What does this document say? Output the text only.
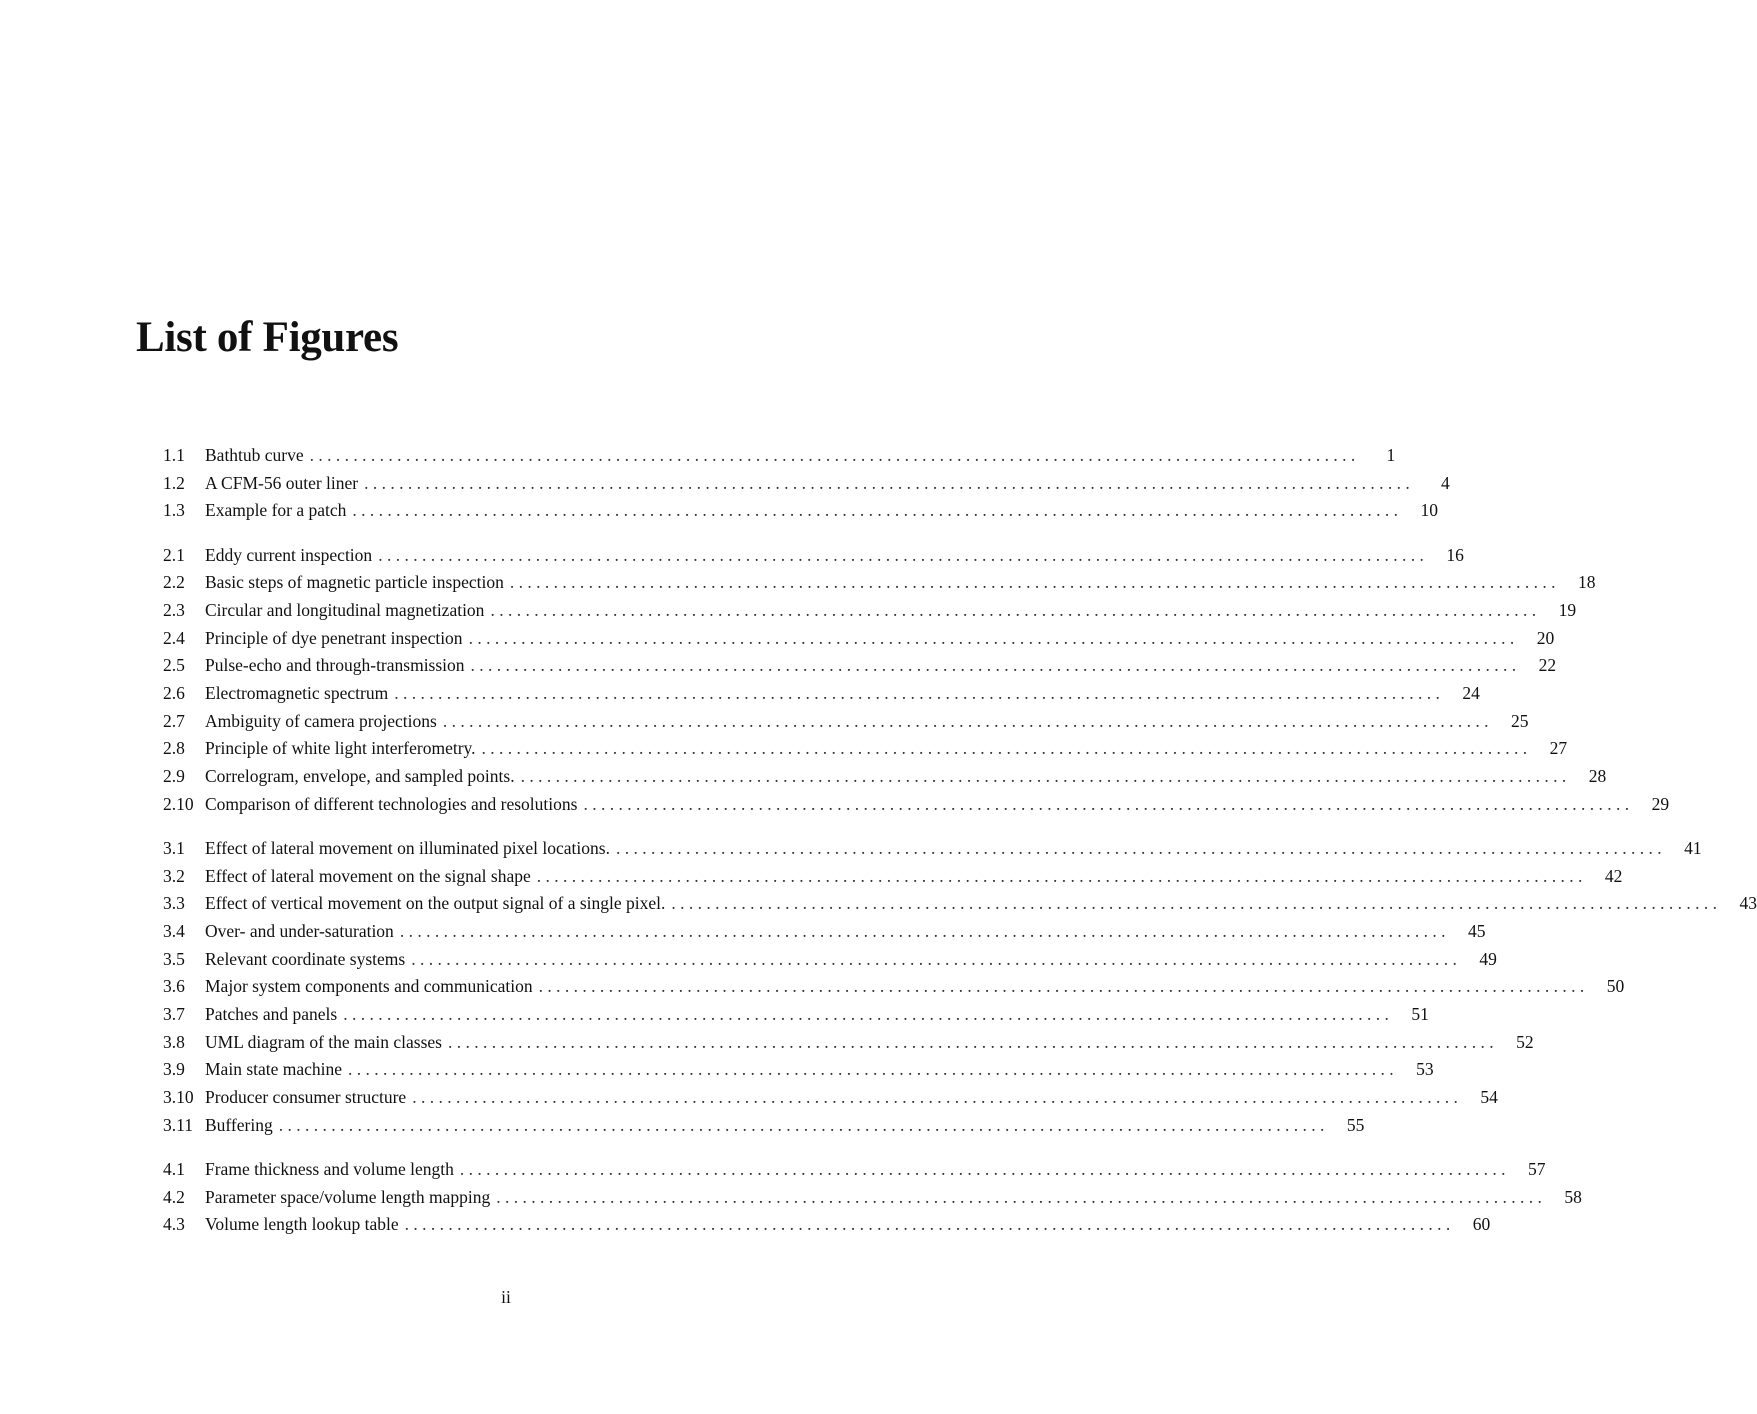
List of Figures
1.1	Bathtub curve . . . . . . . . . . . . . . . . . . . . . . . . . . . . . . . . . . . . . . . . . . . . . . . . . . . . . . . . . . . . . . . . . . . . . . . . . . . . . . . . . . . . . . . . . . . . . . . . . . . . . . . . . . . . . . . . . . . . . . . .	1
1.2	A CFM-56 outer liner . . . . . . . . . . . . . . . . . . . . . . . . . . . . . . . . . . . . . . . . . . . . . . . . . . . . . . . . . . . . . . . . . . . . . . . . . . . . . . . . . . . . . . . . . . . . . . . . . . . . . . . . . . . . . . . . . . . . . . . .	4
1.3	Example for a patch . . . . . . . . . . . . . . . . . . . . . . . . . . . . . . . . . . . . . . . . . . . . . . . . . . . . . . . . . . . . . . . . . . . . . . . . . . . . . . . . . . . . . . . . . . . . . . . . . . . . . . . . . . . . . . . . . . . . . . . . 10
2.1	Eddy current inspection . . . . . . . . . . . . . . . . . . . . . . . . . . . . . . . . . . . . . . . . . . . . . . . . . . . . . . . . . . . . . . . . . . . . . . . . . . . . . . . . . . . . . . . . . . . . . . . . . . . . . . . . . . . . . . . . . . . . . . . . 16
2.2	Basic steps of magnetic particle inspection . . . . . . . . . . . . . . . . . . . . . . . . . . . . . . . . . . . . . . . . . . . . . . . . . . . . . . . . . . . . . . . . . . . . . . . . . . . . . . . . . . . . . . . . . . . . . . . . . . . . . . . . . . . . . . . . . . . . . . . . 18
2.3	Circular and longitudinal magnetization . . . . . . . . . . . . . . . . . . . . . . . . . . . . . . . . . . . . . . . . . . . . . . . . . . . . . . . . . . . . . . . . . . . . . . . . . . . . . . . . . . . . . . . . . . . . . . . . . . . . . . . . . . . . . . . . . . . . . . . . 19
2.4	Principle of dye penetrant inspection . . . . . . . . . . . . . . . . . . . . . . . . . . . . . . . . . . . . . . . . . . . . . . . . . . . . . . . . . . . . . . . . . . . . . . . . . . . . . . . . . . . . . . . . . . . . . . . . . . . . . . . . . . . . . . . . . . . . . . . . 20
2.5	Pulse-echo and through-transmission . . . . . . . . . . . . . . . . . . . . . . . . . . . . . . . . . . . . . . . . . . . . . . . . . . . . . . . . . . . . . . . . . . . . . . . . . . . . . . . . . . . . . . . . . . . . . . . . . . . . . . . . . . . . . . . . . . . . . . . . 22
2.6	Electromagnetic spectrum . . . . . . . . . . . . . . . . . . . . . . . . . . . . . . . . . . . . . . . . . . . . . . . . . . . . . . . . . . . . . . . . . . . . . . . . . . . . . . . . . . . . . . . . . . . . . . . . . . . . . . . . . . . . . . . . . . . . . . . . 24
2.7	Ambiguity of camera projections . . . . . . . . . . . . . . . . . . . . . . . . . . . . . . . . . . . . . . . . . . . . . . . . . . . . . . . . . . . . . . . . . . . . . . . . . . . . . . . . . . . . . . . . . . . . . . . . . . . . . . . . . . . . . . . . . . . . . . . . 25
2.8	Principle of white light interferometry. . . . . . . . . . . . . . . . . . . . . . . . . . . . . . . . . . . . . . . . . . . . . . . . . . . . . . . . . . . . . . . . . . . . . . . . . . . . . . . . . . . . . . . . . . . . . . . . . . . . . . . . . . . . . . . . . . . . . . . . . 27
2.9	Correlogram, envelope, and sampled points. . . . . . . . . . . . . . . . . . . . . . . . . . . . . . . . . . . . . . . . . . . . . . . . . . . . . . . . . . . . . . . . . . . . . . . . . . . . . . . . . . . . . . . . . . . . . . . . . . . . . . . . . . . . . . . . . . . . . . . . . 28
2.10 Comparison of different technologies and resolutions . . . . . . . . . . . . . . . . . . . . . . . . . . . . . . . . . . . . . . . . . . . . . . . . . . . . . . . . . . . . . . . . . . . . . . . . . . . . . . . . . . . . . . . . . . . . . . . . . . . . . . . . . . . . . . . . . . . . . . . . 29
3.1	Effect of lateral movement on illuminated pixel locations. . . . . . . . . . . . . . . . . . . . . . . . . . . . . . . . . . . . . . . . . . . . . . . . . . . . . . . . . . . . . . . . . . . . . . . . . . . . . . . . . . . . . . . . . . . . . . . . . . . . . . . . . . . . . . . . . . . . . . . . . 41
3.2	Effect of lateral movement on the signal shape . . . . . . . . . . . . . . . . . . . . . . . . . . . . . . . . . . . . . . . . . . . . . . . . . . . . . . . . . . . . . . . . . . . . . . . . . . . . . . . . . . . . . . . . . . . . . . . . . . . . . . . . . . . . . . . . . . . . . . . . 42
3.3	Effect of vertical movement on the output signal of a single pixel. . . . . . . . . . . . . . . . . . . . . . . . . . . . . . . . . . . . . . . . . . . . . . . . . . . . . . . . . . . . . . . . . . . . . . . . . . . . . . . . . . . . . . . . . . . . . . . . . . . . . . . . . . . . . . . . . . . . . . . . . 43
3.4	Over- and under-saturation . . . . . . . . . . . . . . . . . . . . . . . . . . . . . . . . . . . . . . . . . . . . . . . . . . . . . . . . . . . . . . . . . . . . . . . . . . . . . . . . . . . . . . . . . . . . . . . . . . . . . . . . . . . . . . . . . . . . . . . . 45
3.5	Relevant coordinate systems . . . . . . . . . . . . . . . . . . . . . . . . . . . . . . . . . . . . . . . . . . . . . . . . . . . . . . . . . . . . . . . . . . . . . . . . . . . . . . . . . . . . . . . . . . . . . . . . . . . . . . . . . . . . . . . . . . . . . . . . 49
3.6	Major system components and communication . . . . . . . . . . . . . . . . . . . . . . . . . . . . . . . . . . . . . . . . . . . . . . . . . . . . . . . . . . . . . . . . . . . . . . . . . . . . . . . . . . . . . . . . . . . . . . . . . . . . . . . . . . . . . . . . . . . . . . . . 50
3.7	Patches and panels . . . . . . . . . . . . . . . . . . . . . . . . . . . . . . . . . . . . . . . . . . . . . . . . . . . . . . . . . . . . . . . . . . . . . . . . . . . . . . . . . . . . . . . . . . . . . . . . . . . . . . . . . . . . . . . . . . . . . . . . 51
3.8	UML diagram of the main classes . . . . . . . . . . . . . . . . . . . . . . . . . . . . . . . . . . . . . . . . . . . . . . . . . . . . . . . . . . . . . . . . . . . . . . . . . . . . . . . . . . . . . . . . . . . . . . . . . . . . . . . . . . . . . . . . . . . . . . . . 52
3.9	Main state machine . . . . . . . . . . . . . . . . . . . . . . . . . . . . . . . . . . . . . . . . . . . . . . . . . . . . . . . . . . . . . . . . . . . . . . . . . . . . . . . . . . . . . . . . . . . . . . . . . . . . . . . . . . . . . . . . . . . . . . . . 53
3.10 Producer consumer structure . . . . . . . . . . . . . . . . . . . . . . . . . . . . . . . . . . . . . . . . . . . . . . . . . . . . . . . . . . . . . . . . . . . . . . . . . . . . . . . . . . . . . . . . . . . . . . . . . . . . . . . . . . . . . . . . . . . . . . . . 54
3.11 Buffering . . . . . . . . . . . . . . . . . . . . . . . . . . . . . . . . . . . . . . . . . . . . . . . . . . . . . . . . . . . . . . . . . . . . . . . . . . . . . . . . . . . . . . . . . . . . . . . . . . . . . . . . . . . . . . . . . . . . . . . . 55
4.1	Frame thickness and volume length . . . . . . . . . . . . . . . . . . . . . . . . . . . . . . . . . . . . . . . . . . . . . . . . . . . . . . . . . . . . . . . . . . . . . . . . . . . . . . . . . . . . . . . . . . . . . . . . . . . . . . . . . . . . . . . . . . . . . . . . 57
4.2	Parameter space/volume length mapping . . . . . . . . . . . . . . . . . . . . . . . . . . . . . . . . . . . . . . . . . . . . . . . . . . . . . . . . . . . . . . . . . . . . . . . . . . . . . . . . . . . . . . . . . . . . . . . . . . . . . . . . . . . . . . . . . . . . . . . . 58
4.3	Volume length lookup table . . . . . . . . . . . . . . . . . . . . . . . . . . . . . . . . . . . . . . . . . . . . . . . . . . . . . . . . . . . . . . . . . . . . . . . . . . . . . . . . . . . . . . . . . . . . . . . . . . . . . . . . . . . . . . . . . . . . . . . . 60
ii
